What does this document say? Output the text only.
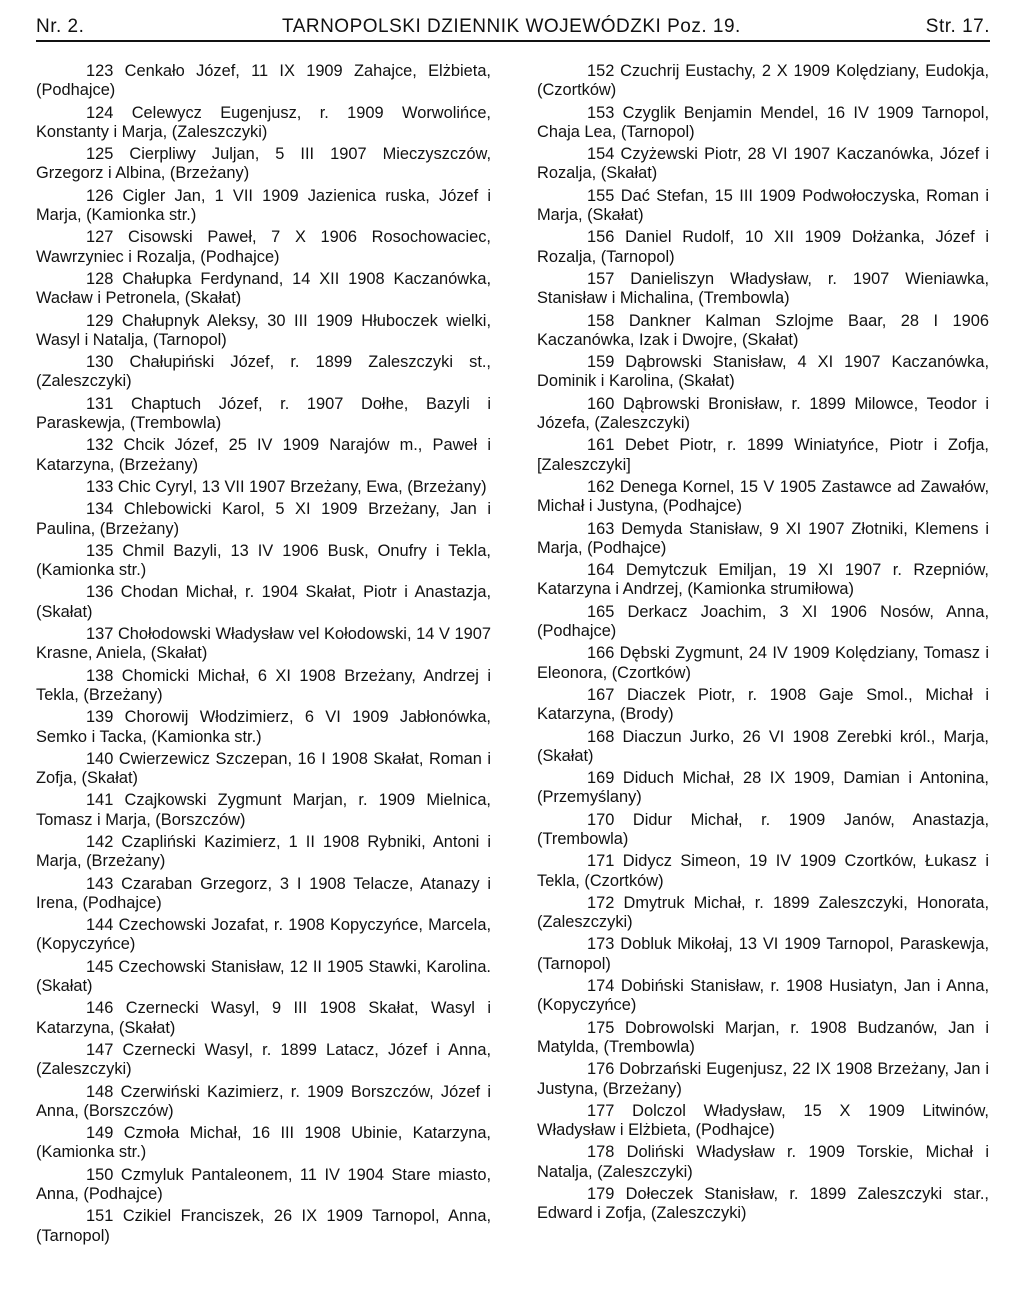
Nr. 2.	TARNOPOLSKI DZIENNIK WOJEWÓDZKI Poz. 19.	Str. 17.

123 Cenkało Józef, 11 IX 1909 Zahajce, Elżbieta, (Podhajce)

124 Celewycz Eugenjusz, r. 1909 Worwolińce, Konstanty i Marja, (Zaleszczyki)

125 Cierpliwy Juljan, 5 III 1907 Mieczyszczów, Grzegorz i Albina, (Brzeżany)

126 Cigler Jan, 1 VII 1909 Jazienica ruska, Józef i Marja, (Kamionka str.)

127 Cisowski Paweł, 7 X 1906 Rosochowaciec, Wawrzyniec i Rozalja, (Podhajce)

128 Chałupka Ferdynand, 14 XII 1908 Kaczanówka, Wacław i Petronela, (Skałat)

129 Chałupnyk Aleksy, 30 III 1909 Hłuboczek wielki, Wasyl i Natalja, (Tarnopol)

130 Chałupiński Józef, r. 1899 Zaleszczyki st., (Zaleszczyki)

131 Chaptuch Józef, r. 1907 Dołhe, Bazyli i Paraskewja, (Trembowla)

132 Chcik Józef, 25 IV 1909 Narajów m., Paweł i Katarzyna, (Brzeżany)

133 Chic Cyryl, 13 VII 1907 Brzeżany, Ewa, (Brzeżany)

134 Chlebowicki Karol, 5 XI 1909 Brzeżany, Jan i Paulina, (Brzeżany)

135 Chmil Bazyli, 13 IV 1906 Busk, Onufry i Tekla, (Kamionka str.)

136 Chodan Michał, r. 1904 Skałat, Piotr i Anastazja, (Skałat)

137 Chołodowski Władysław vel Kołodowski, 14 V 1907 Krasne, Aniela, (Skałat)

138 Chomicki Michał, 6 XI 1908 Brzeżany, Andrzej i Tekla, (Brzeżany)

139 Chorowij Włodzimierz, 6 VI 1909 Jabłonówka, Semko i Tacka, (Kamionka str.)

140 Cwierzewicz Szczepan, 16 I 1908 Skałat, Roman i Zofja, (Skałat)

141 Czajkowski Zygmunt Marjan, r. 1909 Mielnica, Tomasz i Marja, (Borszczów)

142 Czapliński Kazimierz, 1 II 1908 Rybniki, Antoni i Marja, (Brzeżany)

143 Czaraban Grzegorz, 3 I 1908 Telacze, Atanazy i Irena, (Podhajce)

144 Czechowski Jozafat, r. 1908 Kopyczyńce, Marcela, (Kopyczyńce)

145 Czechowski Stanisław, 12 II 1905 Stawki, Karolina. (Skałat)

146 Czernecki Wasyl, 9 III 1908 Skałat, Wasyl i Katarzyna, (Skałat)

147 Czernecki Wasyl, r. 1899 Latacz, Józef i Anna, (Zaleszczyki)

148 Czerwiński Kazimierz, r. 1909 Borszczów, Józef i Anna, (Borszczów)

149 Czmoła Michał, 16 III 1908 Ubinie, Katarzyna, (Kamionka str.)

150 Czmyluk Pantaleonem, 11 IV 1904 Stare miasto, Anna, (Podhajce)

151 Czikiel Franciszek, 26 IX 1909 Tarnopol, Anna, (Tarnopol)

152 Czuchrij Eustachy, 2 X 1909 Kolędziany, Eudokja, (Czortków)

153 Czyglik Benjamin Mendel, 16 IV 1909 Tarnopol, Chaja Lea, (Tarnopol)

154 Czyżewski Piotr, 28 VI 1907 Kaczanówka, Józef i Rozalja, (Skałat)

155 Dać Stefan, 15 III 1909 Podwołoczyska, Roman i Marja, (Skałat)

156 Daniel Rudolf, 10 XII 1909 Dołżanka, Józef i Rozalja, (Tarnopol)

157 Danieliszyn Władysław, r. 1907 Wieniawka, Stanisław i Michalina, (Trembowla)

158 Dankner Kalman Szlojme Baar, 28 I 1906 Kaczanówka, Izak i Dwojre, (Skałat)

159 Dąbrowski Stanisław, 4 XI 1907 Kaczanówka, Dominik i Karolina, (Skałat)

160 Dąbrowski Bronisław, r. 1899 Milowce, Teodor i Józefa, (Zaleszczyki)

161 Debet Piotr, r. 1899 Winiatyńce, Piotr i Zofja, [Zaleszczyki]

162 Denega Kornel, 15 V 1905 Zastawce ad Zawałów, Michał i Justyna, (Podhajce)

163 Demyda Stanisław, 9 XI 1907 Złotniki, Klemens i Marja, (Podhajce)

164 Demytczuk Emiljan, 19 XI 1907 r. Rzepniów, Katarzyna i Andrzej, (Kamionka strumiłowa)

165 Derkacz Joachim, 3 XI 1906 Nosów, Anna, (Podhajce)

166 Dębski Zygmunt, 24 IV 1909 Kolędziany, Tomasz i Eleonora, (Czortków)

167 Diaczek Piotr, r. 1908 Gaje Smol., Michał i Katarzyna, (Brody)

168 Diaczun Jurko, 26 VI 1908 Zerebki król., Marja, (Skałat)

169 Diduch Michał, 28 IX 1909, Damian i Antonina, (Przemyślany)

170 Didur Michał, r. 1909 Janów, Anastazja, (Trembowla)

171 Didycz Simeon, 19 IV 1909 Czortków, Łukasz i Tekla, (Czortków)

172 Dmytruk Michał, r. 1899 Zaleszczyki, Honorata, (Zaleszczyki)

173 Dobluk Mikołaj, 13 VI 1909 Tarnopol, Paraskewja, (Tarnopol)

174 Dobiński Stanisław, r. 1908 Husiatyn, Jan i Anna, (Kopyczyńce)

175 Dobrowolski Marjan, r. 1908 Budzanów, Jan i Matylda, (Trembowla)

176 Dobrzański Eugenjusz, 22 IX 1908 Brzeżany, Jan i Justyna, (Brzeżany)

177 Dolczol Władysław, 15 X 1909 Litwinów, Władysław i Elżbieta, (Podhajce)

178 Doliński Władysław r. 1909 Torskie, Michał i Natalja, (Zaleszczyki)

179 Dołeczek Stanisław, r. 1899 Zaleszczyki star., Edward i Zofja, (Zaleszczyki)
